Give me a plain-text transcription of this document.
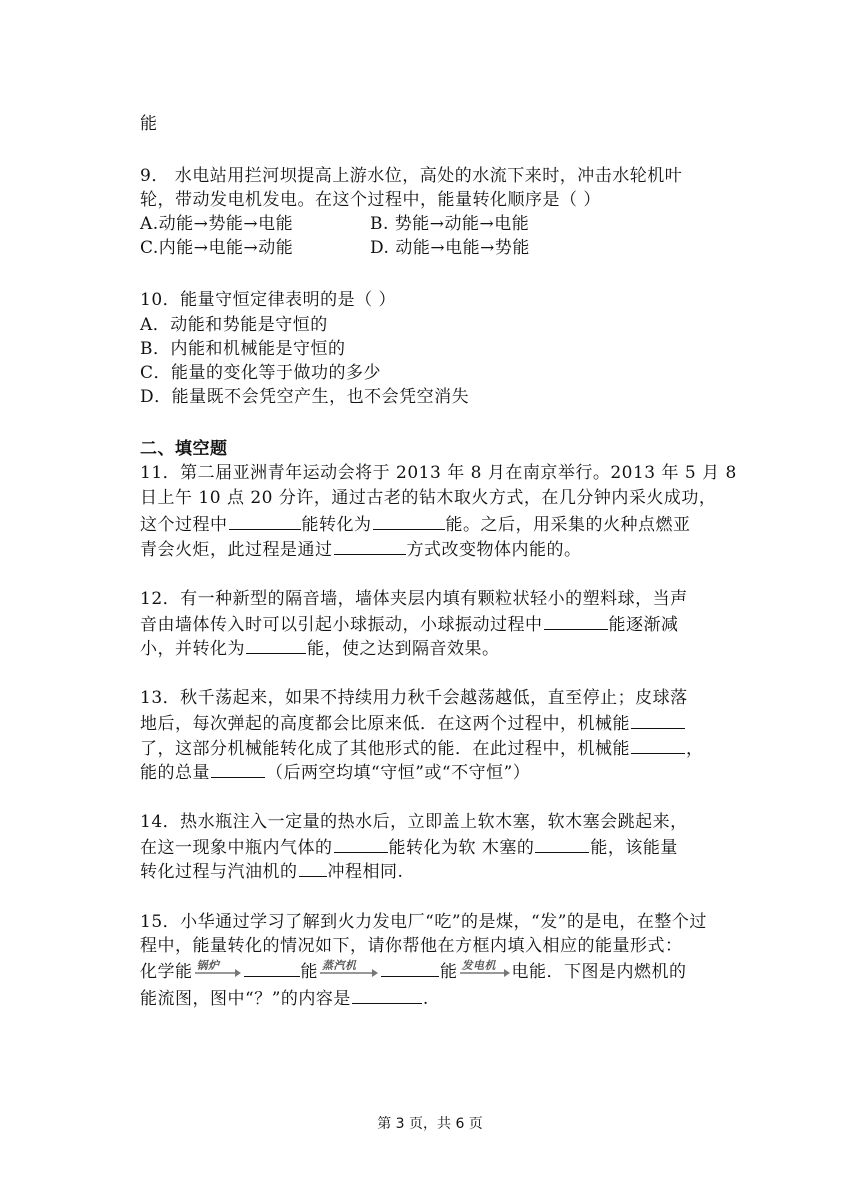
能
9． 水电站用拦河坝提高上游水位，高处的水流下来时，冲击水轮机叶
轮，带动发电机发电。在这个过程中，能量转化顺序是（ ）
A.动能→势能→电能	B. 势能→动能→电能
C.内能→电能→动能	D. 动能→电能→势能
10．能量守恒定律表明的是（ ）
A．动能和势能是守恒的
B．内能和机械能是守恒的
C．能量的变化等于做功的多少
D．能量既不会凭空产生，也不会凭空消失
二、填空题
11．第二届亚洲青年运动会将于 2013 年 8 月在南京举行。2013 年 5 月 8
日上午 10 点 20 分许，通过古老的钻木取火方式，在几分钟内采火成功，
这个过程中	能转化为	能。之后，用采集的火种点燃亚
青会火炬，此过程是通过	方式改变物体内能的。
12．有一种新型的隔音墙，墙体夹层内填有颗粒状轻小的塑料球，当声
音由墙体传入时可以引起小球振动，小球振动过程中	能逐渐减
小，并转化为	能，使之达到隔音效果。
13．秋千荡起来，如果不持续用力秋千会越荡越低，直至停止；皮球落
地后，每次弹起的高度都会比原来低．在这两个过程中，机械能
了，这部分机械能转化成了其他形式的能．在此过程中，机械能	，
能的总量	（后两空均填“守恒”或“不守恒”）
14．热水瓶注入一定量的热水后，立即盖上软木塞，软木塞会跳起来，
在这一现象中瓶内气体的	能转化为软 木塞的	能，该能量
转化过程与汽油机的 冲程相同.
15．小华通过学习了解到火力发电厂“吃”的是煤，“发”的是电，在整个过
程中，能量转化的情况如下，请你帮他在方框内填入相应的能量形式：
化学能 锅炉	能 蒸汽机	能 发电机 电能．下图是内燃机的
能流图，图中“？”的内容是	.
第 3 页，共 6 页
